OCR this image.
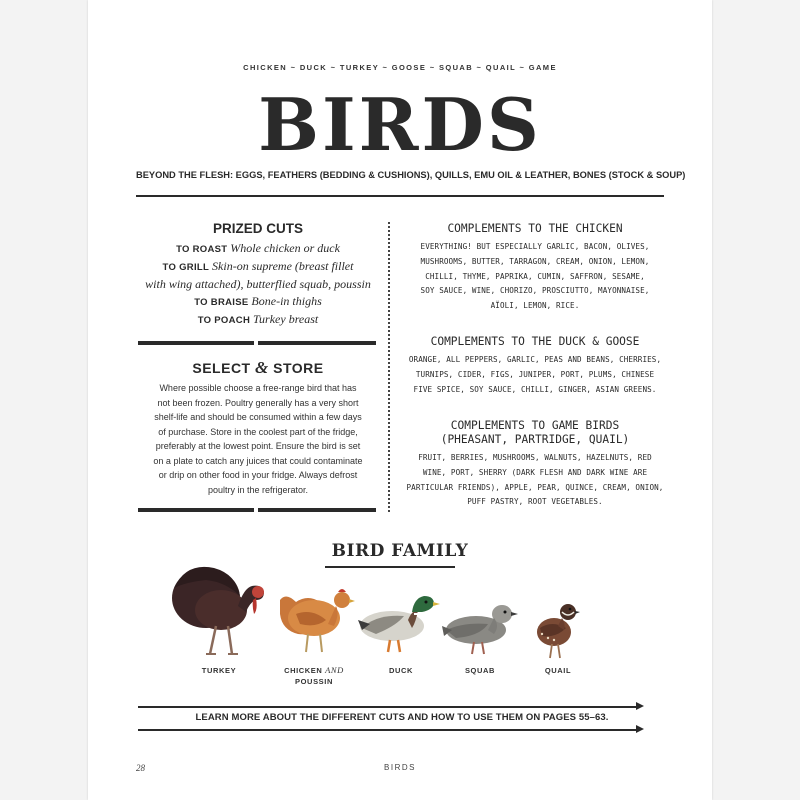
CHICKEN ~ DUCK ~ TURKEY ~ GOOSE ~ SQUAB ~ QUAIL ~ GAME
BIRDS
BEYOND THE FLESH: EGGS, FEATHERS (BEDDING & CUSHIONS), QUILLS, EMU OIL & LEATHER, BONES (STOCK & SOUP)
PRIZED CUTS
TO ROAST Whole chicken or duck
TO GRILL Skin-on supreme (breast fillet
with wing attached), butterflied squab, poussin
TO BRAISE Bone-in thighs
TO POACH Turkey breast
SELECT & STORE
Where possible choose a free-range bird that has
not been frozen. Poultry generally has a very short
shelf-life and should be consumed within a few days
of purchase. Store in the coolest part of the fridge,
preferably at the lowest point. Ensure the bird is set
on a plate to catch any juices that could contaminate
or drip on other food in your fridge. Always defrost
poultry in the refrigerator.
COMPLEMENTS TO THE CHICKEN
EVERYTHING! BUT ESPECIALLY GARLIC, BACON, OLIVES,
MUSHROOMS, BUTTER, TARRAGON, CREAM, ONION, LEMON,
CHILLI, THYME, PAPRIKA, CUMIN, SAFFRON, SESAME,
SOY SAUCE, WINE, CHORIZO, PROSCIUTTO, MAYONNAISE,
AÏOLI, LEMON, RICE.
COMPLEMENTS TO THE DUCK & GOOSE
ORANGE, ALL PEPPERS, GARLIC, PEAS AND BEANS, CHERRIES,
TURNIPS, CIDER, FIGS, JUNIPER, PORT, PLUMS, CHINESE
FIVE SPICE, SOY SAUCE, CHILLI, GINGER, ASIAN GREENS.
COMPLEMENTS TO GAME BIRDS
(PHEASANT, PARTRIDGE, QUAIL)
FRUIT, BERRIES, MUSHROOMS, WALNUTS, HAZELNUTS, RED
WINE, PORT, SHERRY (DARK FLESH AND DARK WINE ARE
PARTICULAR FRIENDS), APPLE, PEAR, QUINCE, CREAM, ONION,
PUFF PASTRY, ROOT VEGETABLES.
BIRD FAMILY
TURKEY	CHICKEN AND
POUSSIN
DUCK	SQUAB	QUAIL
LEARN MORE ABOUT THE DIFFERENT CUTS AND HOW TO USE THEM ON PAGES 55–63.
28	BIRDS
